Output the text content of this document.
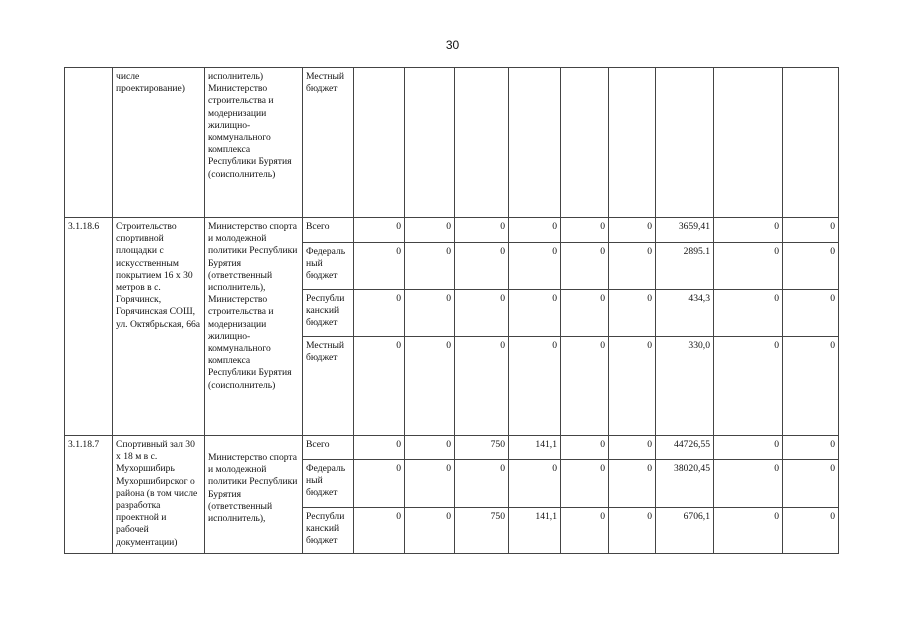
30
	числе проектирование)	исполнитель) Министерство строительства и модернизации жилищно-коммунального комплекса Республики Бурятия (соисполнитель)	Местный бюджет									
3.1.18.6	Строительство спортивной площадки с искусственным покрытием 16 х 30 метров в с. Горячинск, Горячинская СОШ, ул. Октябрьская, 66а	Министерство спорта и молодежной политики Республики Бурятия (ответственный исполнитель), Министерство строительства и модернизации жилищно-коммунального комплекса Республики Бурятия (соисполнитель)	Всего	0	0	0	0	0	0	3659,41	0	0
			Федераль ный бюджет	0	0	0	0	0	0	2895.1	0	0
			Республи канский бюджет	0	0	0	0	0	0	434,3	0	0
			Местный бюджет	0	0	0	0	0	0	330,0	0	0
3.1.18.7	Спортивный зал 30 х 18 м в с. Мухоршибирь Мухоршибирског о района (в том числе разработка проектной и рабочей документации)	Министерство спорта и молодежной политики Республики Бурятия (ответственный исполнитель),	Всего	0	0	750	141,1	0	0	44726,55	0	0
			Федераль ный бюджет	0	0	0	0	0	0	38020,45	0	0
			Республи канский бюджет	0	0	750	141,1	0	0	6706,1	0	0
